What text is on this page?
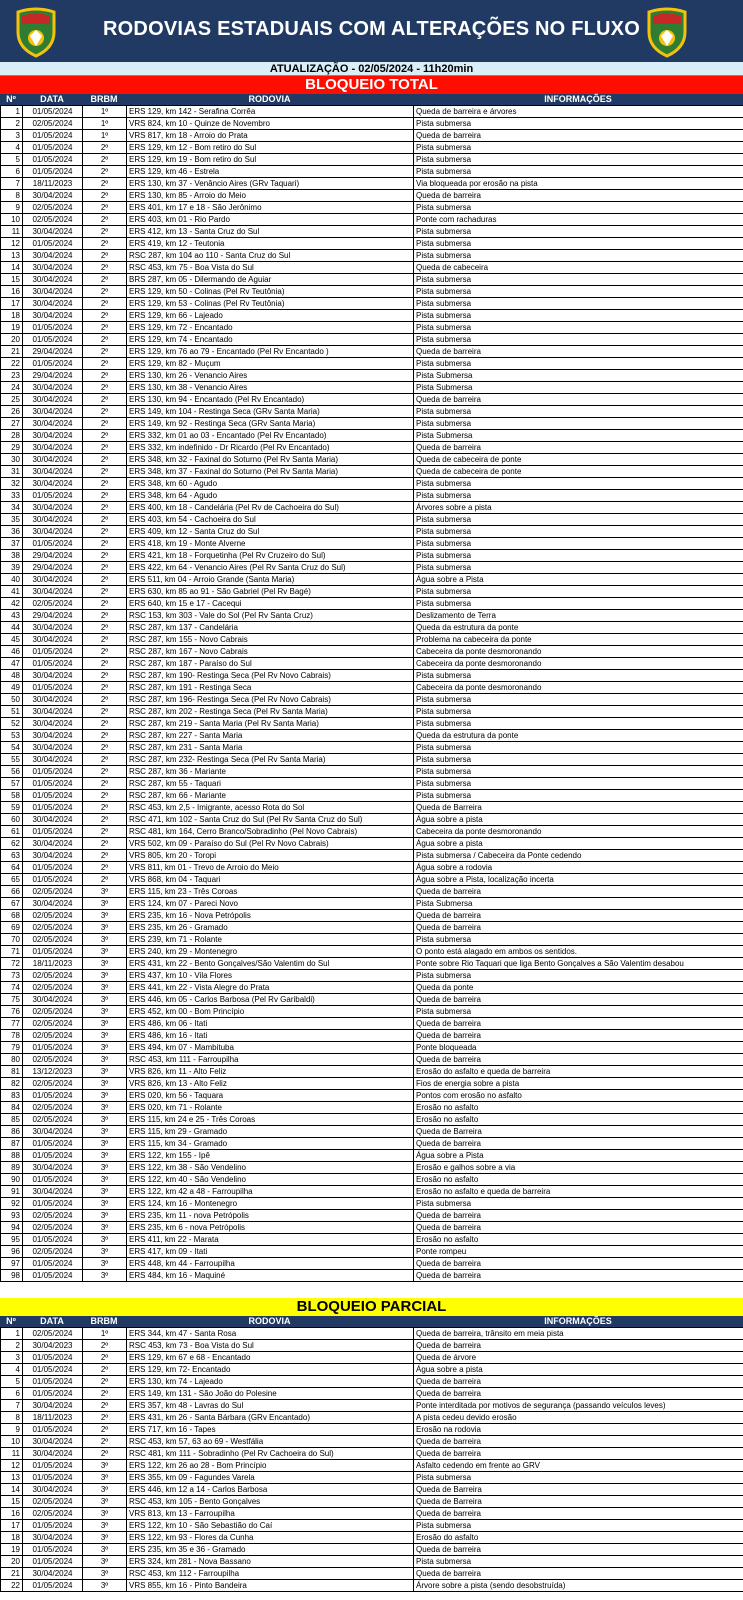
RODOVIAS ESTADUAIS COM ALTERAÇÕES NO FLUXO
ATUALIZAÇÃO - 02/05/2024 - 11h20min
BLOQUEIO TOTAL
Nº	DATA	BRBM	RODOVIA	INFORMAÇÕES
1	01/05/2024	1º	ERS 129, km 142 - Serafina Corrêa	Queda de barreira e árvores
2	02/05/2024	1º	VRS 824, km 10 - Quinze de Novembro	Pista submersa
3	01/05/2024	1º	VRS 817, km 18 - Arroio do Prata	Queda de barreira
4	01/05/2024	2º	ERS 129, km 12 - Bom retiro do Sul	Pista submersa
5	01/05/2024	2º	ERS 129, km 19 - Bom retiro do Sul	Pista submersa
6	01/05/2024	2º	ERS 129, km 46 - Estrela	Pista submersa
7	18/11/2023	2º	ERS 130, km 37 - Venâncio Aires (GRv Taquari)	Via bloqueada por erosão na pista
8	30/04/2024	2º	ERS 130, km 85 - Arroio do Meio	Queda de barreira
9	02/05/2024	2º	ERS 401, km 17 e 18 - São Jerônimo	Pista submersa
10	02/05/2024	2º	ERS 403, km 01 - Rio Pardo	Ponte com rachaduras
11	30/04/2024	2º	ERS 412, km 13 - Santa Cruz do Sul	Pista submersa
12	01/05/2024	2º	ERS 419, km 12 - Teutonia	Pista submersa
13	30/04/2024	2º	RSC 287, km 104 ao 110 - Santa Cruz do Sul	Pista submersa
14	30/04/2024	2º	RSC 453, km 75 - Boa Vista do Sul	Queda de cabeceira
15	30/04/2024	2º	BRS 287, km 05 - Dilermando de Aguiar	Pista submersa
16	30/04/2024	2º	ERS 129, km 50 - Colinas (Pel Rv Teutônia)	Pista submersa
17	30/04/2024	2º	ERS 129, km 53 - Colinas (Pel Rv Teutônia)	Pista submersa
18	30/04/2024	2º	ERS 129, km 66 - Lajeado	Pista submersa
19	01/05/2024	2º	ERS 129, km 72 - Encantado	Pista submersa
20	01/05/2024	2º	ERS 129, km 74 - Encantado	Pista submersa
21	29/04/2024	2º	ERS 129, km 76 ao 79 - Encantado (Pel Rv Encantado )	Queda de barreira
22	01/05/2024	2º	ERS 129, km 82 - Muçum	Pista submersa
23	29/04/2024	2º	ERS 130, km 26 - Venancio Aires	Pista Submersa
24	30/04/2024	2º	ERS 130, km 38 - Venancio Aires	Pista Submersa
25	30/04/2024	2º	ERS 130, km 94 - Encantado (Pel Rv Encantado)	Queda de barreira
26	30/04/2024	2º	ERS 149, km 104 - Restinga Seca (GRv Santa Maria)	Pista submersa
27	30/04/2024	2º	ERS 149, km 92 - Restinga Seca (GRv Santa Maria)	Pista submersa
28	30/04/2024	2º	ERS 332, km 01 ao 03 - Encantado (Pel Rv Encantado)	Pista Submersa
29	30/04/2024	2º	ERS 332, km indefinido - Dr Ricardo (Pel Rv Encantado)	Queda de barreira
30	30/04/2024	2º	ERS 348, km 32 - Faxinal do Soturno (Pel Rv Santa Maria)	Queda de cabeceira de ponte
31	30/04/2024	2º	ERS 348, km 37 - Faxinal do Soturno (Pel Rv Santa Maria)	Queda de cabeceira de ponte
32	30/04/2024	2º	ERS 348, km 60 - Agudo	Pista submersa
33	01/05/2024	2º	ERS 348, km 64 - Agudo	Pista submersa
34	30/04/2024	2º	ERS 400, km 18 - Candelária (Pel Rv de Cachoeira do Sul)	Árvores sobre a pista
35	30/04/2024	2º	ERS 403, km 54 - Cachoeira do Sul	Pista submersa
36	30/04/2024	2º	ERS 409, km 12 - Santa Cruz do Sul	Pista submersa
37	01/05/2024	2º	ERS 418, km 19 - Monte Alverne	Pista submersa
38	29/04/2024	2º	ERS 421, km 18 - Forquetinha (Pel Rv Cruzeiro do Sul)	Pista submersa
39	29/04/2024	2º	ERS 422, km 64 - Venancio Aires (Pel Rv Santa Cruz do Sul)	Pista submersa
40	30/04/2024	2º	ERS 511, km 04 - Arroio Grande (Santa Maria)	Água sobre a Pista
41	30/04/2024	2º	ERS 630, km 85 ao 91 - São Gabriel (Pel Rv Bagé)	Pista submersa
42	02/05/2024	2º	ERS 640, km 15 e 17 - Cacequi	Pista submersa
43	29/04/2024	2º	RSC 153, km 303 - Vale do Sol (Pel Rv Santa Cruz)	Deslizamento de Terra
44	30/04/2024	2º	RSC 287, km 137 - Candelária	Queda da estrutura da ponte
45	30/04/2024	2º	RSC 287, km 155 - Novo Cabrais	Problema na cabeceira da ponte
46	01/05/2024	2º	RSC 287, km 167 - Novo Cabrais	Cabeceira da ponte desmoronando
47	01/05/2024	2º	RSC 287, km 187 - Paraíso do Sul	Cabeceira da ponte desmoronando
48	30/04/2024	2º	RSC 287, km 190- Restinga Seca (Pel Rv Novo Cabrais)	Pista submersa
49	01/05/2024	2º	RSC 287, km 191 - Restinga Seca	Cabeceira da ponte desmoronando
50	30/04/2024	2º	RSC 287, km 196- Restinga Seca (Pel Rv Novo Cabrais)	Pista submersa
51	30/04/2024	2º	RSC 287, km 202 - Restinga Seca (Pel Rv Santa Maria)	Pista submersa
52	30/04/2024	2º	RSC 287, km 219 - Santa Maria (Pel Rv Santa Maria)	Pista submersa
53	30/04/2024	2º	RSC 287, km 227 - Santa Maria	Queda da estrutura da ponte
54	30/04/2024	2º	RSC 287, km 231 - Santa Maria	Pista submersa
55	30/04/2024	2º	RSC 287, km 232- Restinga Seca (Pel Rv Santa Maria)	Pista submersa
56	01/05/2024	2º	RSC 287, km 36 - Mariante	Pista submersa
57	01/05/2024	2º	RSC 287, km 55 - Taquari	Pista submersa
58	01/05/2024	2º	RSC 287, km 66 - Mariante	Pista submersa
59	01/05/2024	2º	RSC 453, km 2,5 - Imigrante, acesso Rota do Sol	Queda de Barreira
60	30/04/2024	2º	RSC 471, km 102 - Santa Cruz do Sul (Pel Rv Santa Cruz do Sul)	Água sobre a pista
61	01/05/2024	2º	RSC 481, km 164, Cerro Branco/Sobradinho (Pel Novo Cabrais)	Cabeceira da ponte desmoronando
62	30/04/2024	2º	VRS 502, km 09 - Paraíso do Sul (Pel Rv Novo Cabrais)	Água sobre a pista
63	30/04/2024	2º	VRS 805, km 20 - Toropi	Pista submersa / Cabeceira da Ponte cedendo
64	01/05/2024	2º	VRS 811, km 01 - Trevo de Arroio do Meio	Água sobre a rodovia
65	01/05/2024	2º	VRS 868, km 04 - Taquari	Água sobre a Pista, localização incerta
66	02/05/2024	3º	ERS 115, km 23 - Três Coroas	Queda de barreira
67	30/04/2024	3º	ERS 124, km 07 - Pareci Novo	Pista Submersa
68	02/05/2024	3º	ERS 235, km 16 - Nova Petrópolis	Queda de barreira
69	02/05/2024	3º	ERS 235, km 26 - Gramado	Queda de barreira
70	02/05/2024	3º	ERS 239, km 71 - Rolante	Pista submersa
71	01/05/2024	3º	ERS 240, km 29 - Montenegro	O ponto está alagado em ambos os sentidos.
72	18/11/2023	3º	ERS 431, km 22 - Bento Gonçalves/São Valentim do Sul	Ponte sobre Rio Taquari que liga Bento Gonçalves a São Valentim desabou
73	02/05/2024	3º	ERS 437, km 10 - Vila Flores	Pista submersa
74	02/05/2024	3º	ERS 441, km 22 - Vista Alegre do Prata	Queda da ponte
75	30/04/2024	3º	ERS 446, km 05 - Carlos Barbosa (Pel Rv Garibaldi)	Queda de barreira
76	02/05/2024	3º	ERS 452, km 00 - Bom Princípio	Pista submersa
77	02/05/2024	3º	ERS 486, km 06 - Itati	Queda de barreira
78	02/05/2024	3º	ERS 486, km 16 - Itati	Queda de barreira
79	01/05/2024	3º	ERS 494, km 07 - Mambituba	Ponte bloqueada
80	02/05/2024	3º	RSC 453, km 111 - Farroupilha	Queda de barreira
81	13/12/2023	3º	VRS 826, km 11 - Alto Feliz	Erosão do asfalto e queda de barreira
82	02/05/2024	3º	VRS 826, km 13 - Alto Feliz	Fios de energia sobre a pista
83	01/05/2024	3º	ERS 020, km 56 - Taquara	Pontos com erosão no asfalto
84	02/05/2024	3º	ERS 020, km 71 - Rolante	Erosão no asfalto
85	02/05/2024	3º	ERS 115, km 24 e 25 - Três Coroas	Erosão no asfalto
86	30/04/2024	3º	ERS 115, km 29 - Gramado	Queda de Barreira
87	01/05/2024	3º	ERS 115, km 34 - Gramado	Queda de barreira
88	01/05/2024	3º	ERS 122, km 155 - Ipê	Água sobre a Pista
89	30/04/2024	3º	ERS 122, km 38 - São Vendelino	Erosão e galhos sobre a via
90	01/05/2024	3º	ERS 122, km 40 - São Vendelino	Erosão no asfalto
91	30/04/2024	3º	ERS 122, km 42 a 48 - Farroupilha	Erosão no asfalto e queda de barreira
92	01/05/2024	3º	ERS 124, km 16 - Montenegro	Pista submersa
93	02/05/2024	3º	ERS 235, km 11 - nova Petrópolis	Queda de barreira
94	02/05/2024	3º	ERS 235, km 6 - nova Petrópolis	Queda de barreira
95	01/05/2024	3º	ERS 411, km 22 - Marata	Erosão no asfalto
96	02/05/2024	3º	ERS 417, km 09 - Itati	Ponte rompeu
97	01/05/2024	3º	ERS 448, km 44 - Farroupilha	Queda de barreira
98	01/05/2024	3º	ERS 484, km 16 - Maquiné	Queda de barreira
BLOQUEIO PARCIAL
Nº	DATA	BRBM	RODOVIA	INFORMAÇÕES
1	02/05/2024	1º	ERS 344, km 47 - Santa Rosa	Queda de barreira, trânsito em meia pista
2	30/04/2023	2º	RSC 453, km 73 - Boa Vista do Sul	Queda de barreira
3	01/05/2024	2º	ERS 129, km 67 e 68 - Encantado	Queda de árvore
4	01/05/2024	2º	ERS 129, km 72- Encantado	Água sobre a pista
5	01/05/2024	2º	ERS 130, km 74 - Lajeado	Queda de barreira
6	01/05/2024	2º	ERS 149, km 131 - São João do Polesine	Queda de barreira
7	30/04/2024	2º	ERS 357, km 48 - Lavras do Sul	Ponte interditada por motivos de segurança (passando veículos leves)
8	18/11/2023	2º	ERS 431, km 26 - Santa Bárbara (GRv Encantado)	A pista cedeu devido erosão
9	01/05/2024	2º	ERS 717, km 16 - Tapes	Erosão na rodovia
10	30/04/2024	2º	RSC 453, km 57, 63 ao 69 - Westfália	Queda de barreira
11	30/04/2024	2º	RSC 481, km 111 - Sobradinho (Pel Rv Cachoeira do Sul)	Queda de barreira
12	01/05/2024	3º	ERS 122, km 26 ao 28 - Bom Princípio	Asfalto cedendo em frente ao GRV
13	01/05/2024	3º	ERS 355, km 09 - Fagundes Varela	Pista submersa
14	30/04/2024	3º	ERS 446, km 12 a 14 - Carlos Barbosa	Queda de Barreira
15	02/05/2024	3º	RSC 453, km 105 - Bento Gonçalves	Queda de Barreira
16	02/05/2024	3º	VRS 813, km 13 - Farroupilha	Queda de barreira
17	01/05/2024	3º	ERS 122, km 10 - São Sebastião do Caí	Pista submersa
18	30/04/2024	3º	ERS 122, km 93 - Flores da Cunha	Erosão do asfalto
19	01/05/2024	3º	ERS 235, km 35 e 36 - Gramado	Queda de barreira
20	01/05/2024	3º	ERS 324, km 281 - Nova Bassano	Pista submersa
21	30/04/2024	3º	RSC 453, km 112 - Farroupilha	Queda de barreira
22	01/05/2024	3º	VRS 855, km 16 - Pinto Bandeira	Árvore sobre a pista (sendo desobstruída)
